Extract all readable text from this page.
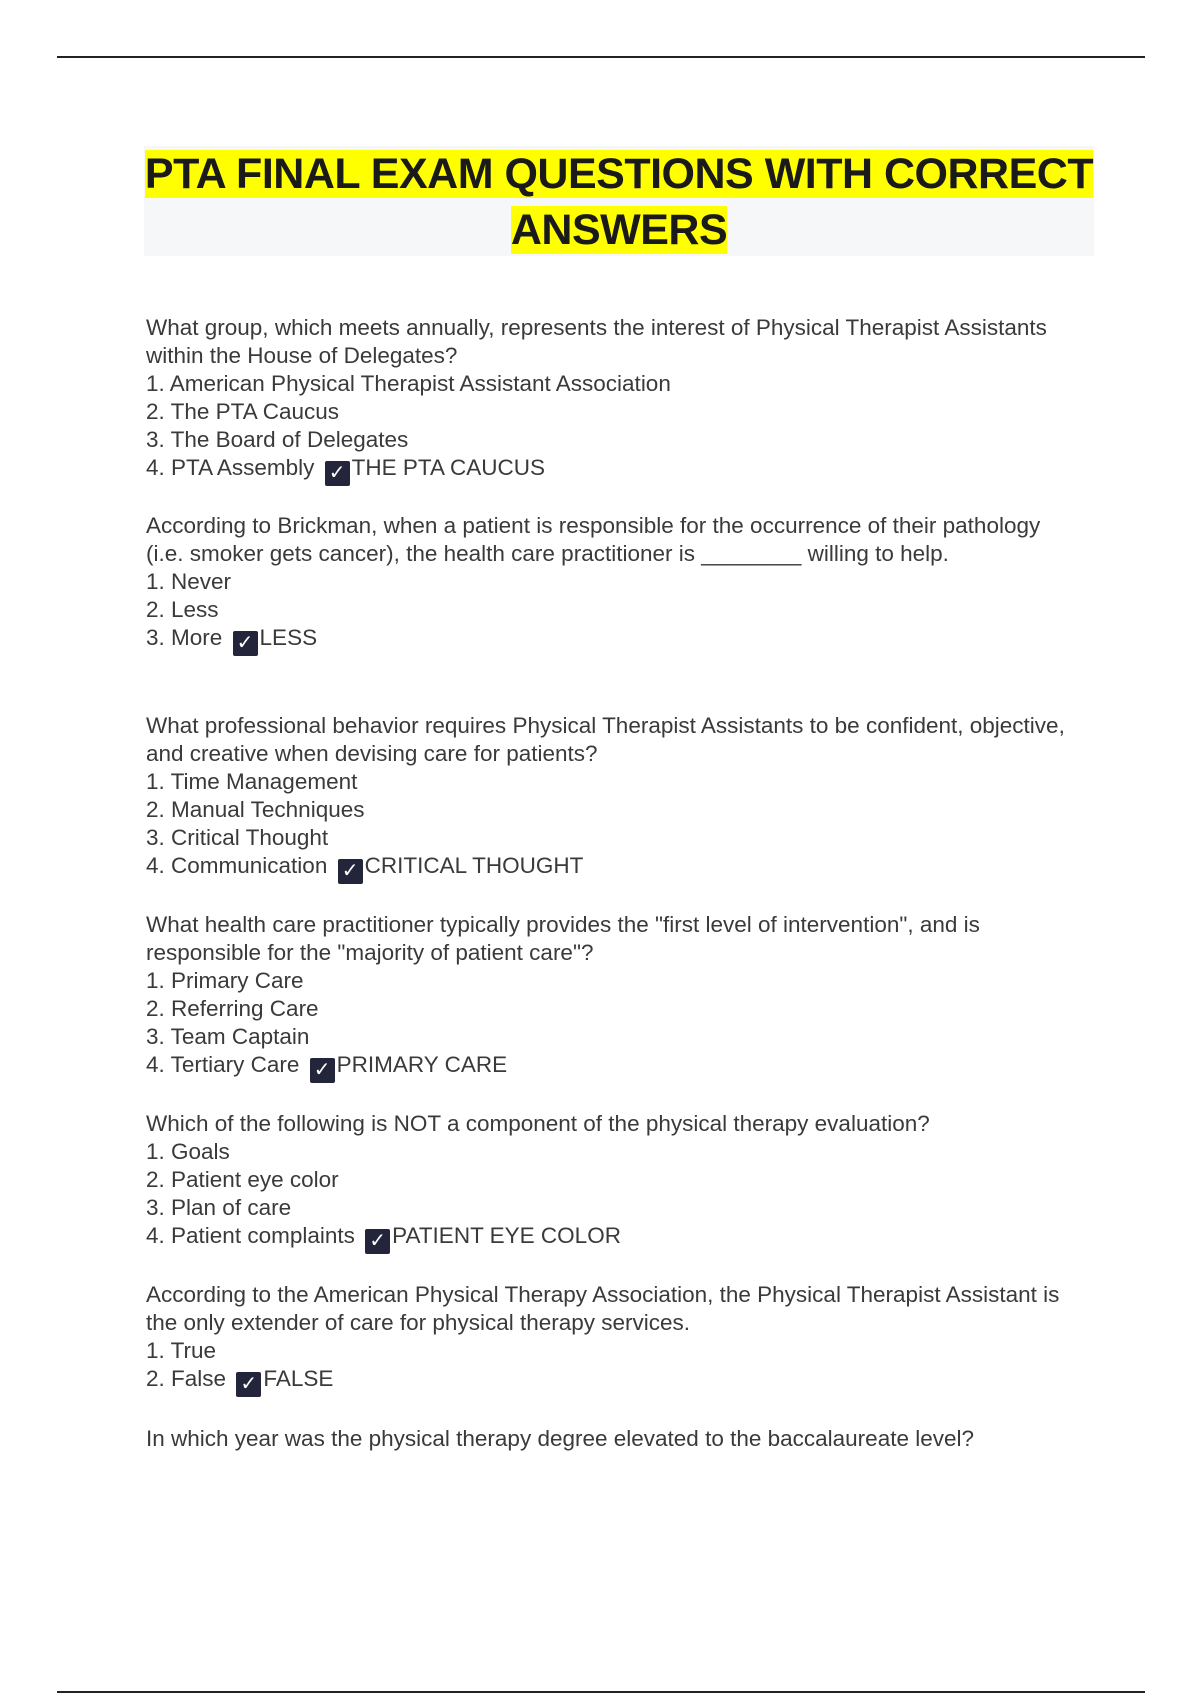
PTA FINAL EXAM QUESTIONS WITH CORRECT ANSWERS

What group, which meets annually, represents the interest of Physical Therapist Assistants within the House of Delegates?

1. American Physical Therapist Assistant Association

2. The PTA Caucus

3. The Board of Delegates

4. PTA Assembly ✓ THE PTA CAUCUS

According to Brickman, when a patient is responsible for the occurrence of their pathology (i.e. smoker gets cancer), the health care practitioner is ________ willing to help.

1. Never

2. Less

3. More ✓ LESS

What professional behavior requires Physical Therapist Assistants to be confident, objective, and creative when devising care for patients?

1. Time Management

2. Manual Techniques

3. Critical Thought

4. Communication ✓ CRITICAL THOUGHT

What health care practitioner typically provides the "first level of intervention", and is responsible for the "majority of patient care"?

1. Primary Care

2. Referring Care

3. Team Captain

4. Tertiary Care ✓ PRIMARY CARE

Which of the following is NOT a component of the physical therapy evaluation?

1. Goals

2. Patient eye color

3. Plan of care

4. Patient complaints ✓ PATIENT EYE COLOR

According to the American Physical Therapy Association, the Physical Therapist Assistant is the only extender of care for physical therapy services.

1. True

2. False ✓ FALSE

In which year was the physical therapy degree elevated to the baccalaureate level?
